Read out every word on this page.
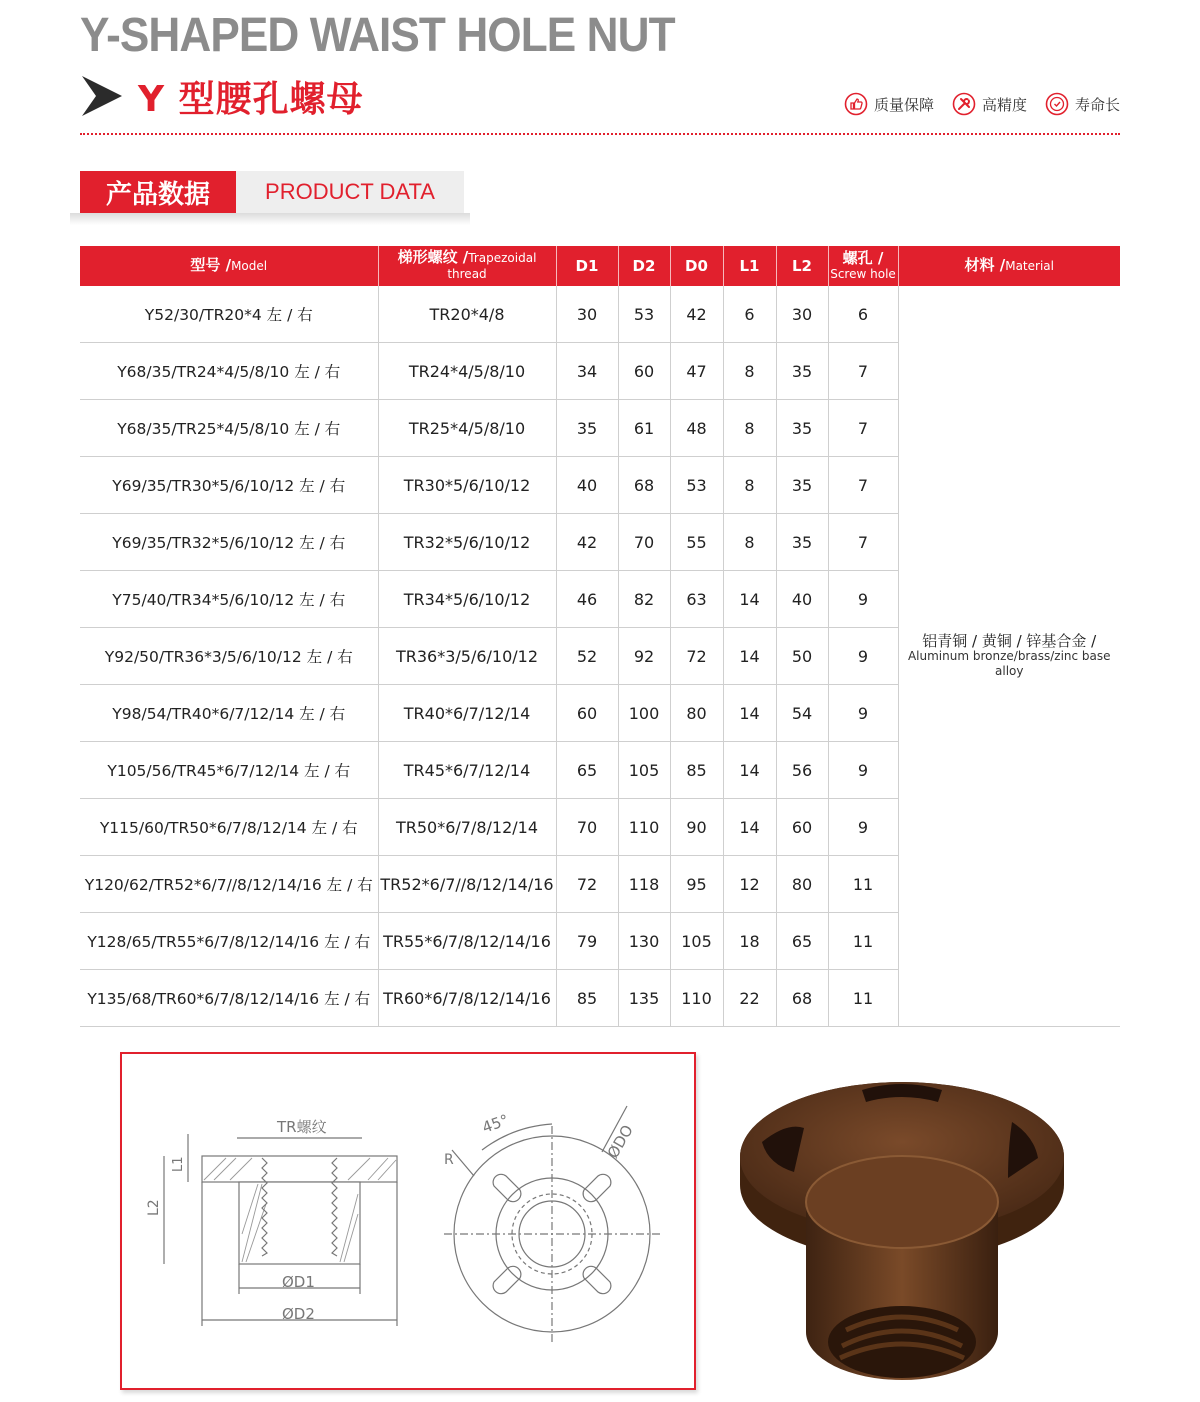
Y-SHAPED WAIST HOLE NUT
Y 型腰孔螺母	质量保障	高精度	寿命长
产品数据	PRODUCT DATA
型号 /Model	梯形螺纹 /Trapezoidal thread	D1	D2	D0	L1	L2	螺孔 /
Screw hole	材料 /Material
Y52/30/TR20*4 左 / 右	TR20*4/8	30	53	42	6	30	6	铝青铜 / 黄铜 / 锌基合金 /
Aluminum bronze/brass/zinc base alloy

Y68/35/TR24*4/5/8/10 左 / 右	TR24*4/5/8/10	34	60	47	8	35	7	
Y68/35/TR25*4/5/8/10 左 / 右	TR25*4/5/8/10	35	61	48	8	35	7	
Y69/35/TR30*5/6/10/12 左 / 右	TR30*5/6/10/12	40	68	53	8	35	7	
Y69/35/TR32*5/6/10/12 左 / 右	TR32*5/6/10/12	42	70	55	8	35	7	
Y75/40/TR34*5/6/10/12 左 / 右	TR34*5/6/10/12	46	82	63	14	40	9	
Y92/50/TR36*3/5/6/10/12 左 / 右	TR36*3/5/6/10/12	52	92	72	14	50	9	
Y98/54/TR40*6/7/12/14 左 / 右	TR40*6/7/12/14	60	100	80	14	54	9	
Y105/56/TR45*6/7/12/14 左 / 右	TR45*6/7/12/14	65	105	85	14	56	9	
Y115/60/TR50*6/7/8/12/14 左 / 右	TR50*6/7/8/12/14	70	110	90	14	60	9	
Y120/62/TR52*6/7//8/12/14/16 左 / 右	TR52*6/7//8/12/14/16	72	118	95	12	80	11	
Y128/65/TR55*6/7/8/12/14/16 左 / 右	TR55*6/7/8/12/14/16	79	130	105	18	65	11	
Y135/68/TR60*6/7/8/12/14/16 左 / 右	TR60*6/7/8/12/14/16	85	135	110	22	68	11	
TR螺纹
L1
L2
ØD1
ØD2
45°
R	ØDO
